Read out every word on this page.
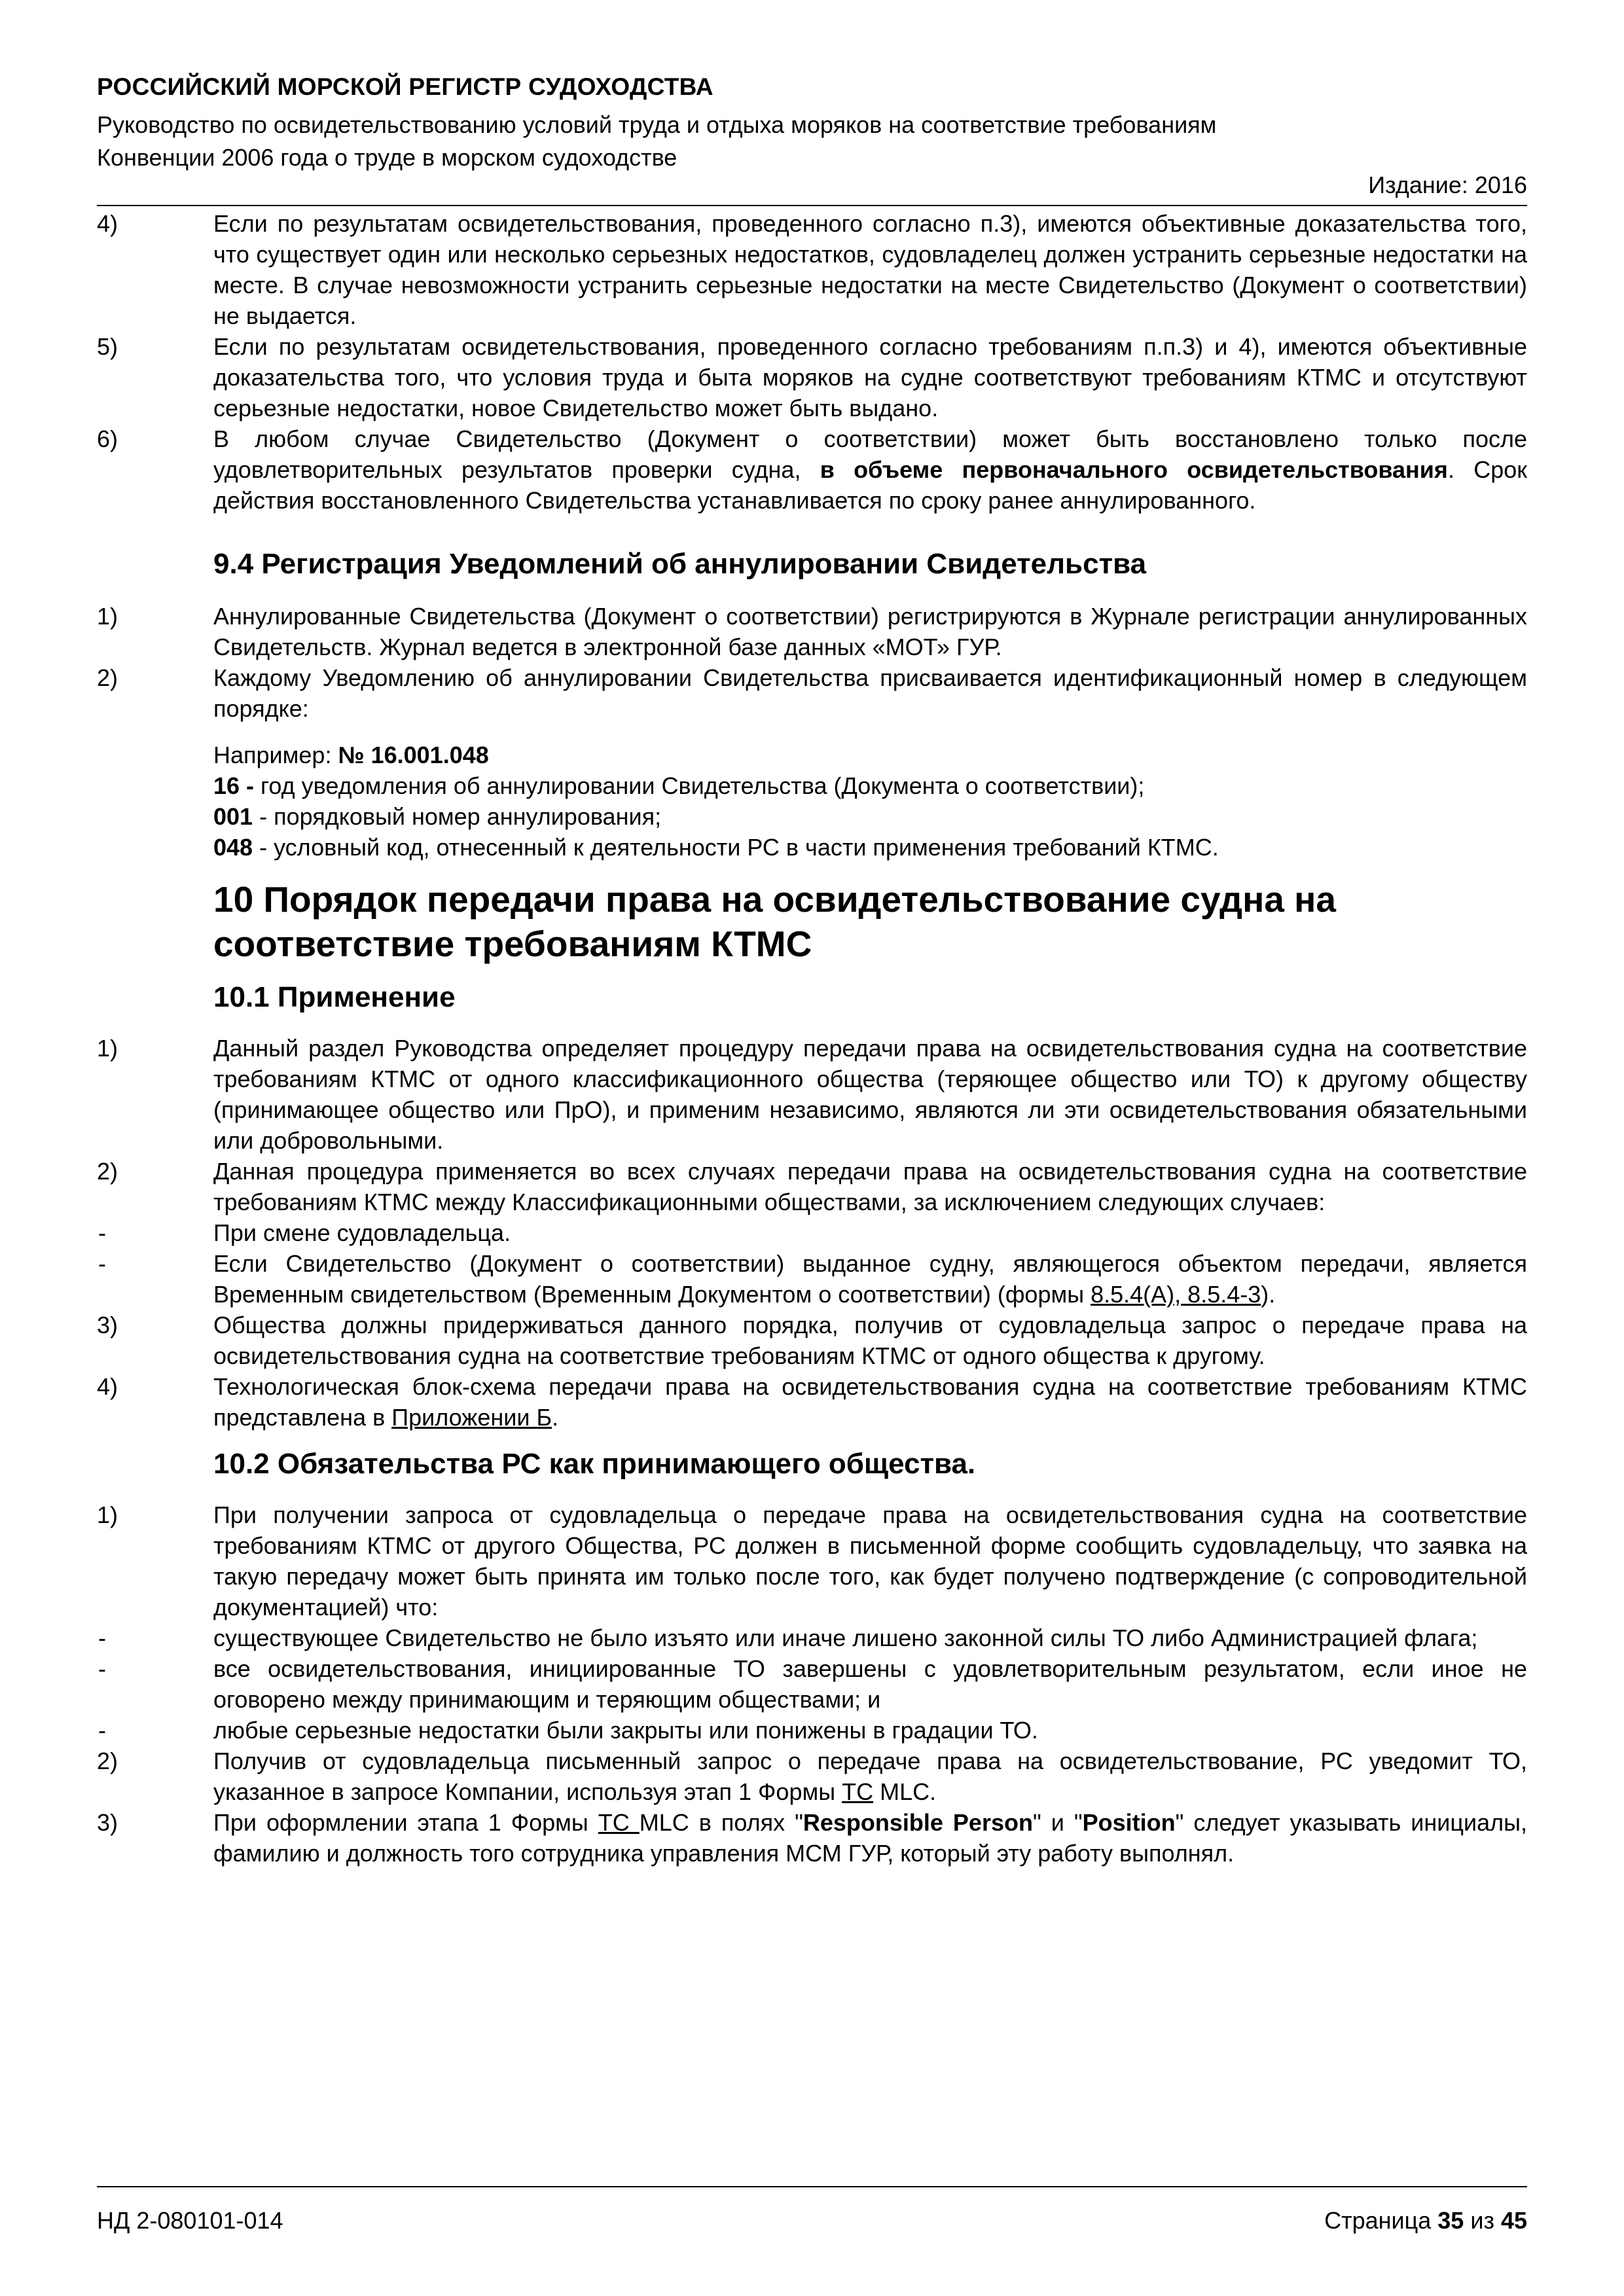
РОССИЙСКИЙ МОРСКОЙ РЕГИСТР СУДОХОДСТВА
Руководство по освидетельствованию условий труда и отдыха моряков на соответствие требованиям
Конвенции 2006 года о труде в морском судоходстве
Издание: 2016
4)	Если по результатам освидетельствования, проведенного согласно п.3), имеются объективные доказательства того, что существует один или несколько серьезных недостатков, судовладелец должен устранить серьезные недостатки на месте. В случае невозможности устранить серьезные недостатки на месте Свидетельство (Документ о соответствии) не выдается.
5)	Если по результатам освидетельствования, проведенного согласно требованиям п.п.3) и 4), имеются объективные доказательства того, что условия труда и быта моряков на судне соответствуют требованиям КТМС и отсутствуют серьезные недостатки, новое Свидетельство может быть выдано.
6)	В любом случае Свидетельство (Документ о соответствии) может быть восстановлено только после удовлетворительных результатов проверки судна, в объеме первоначального освидетельствования. Срок действия восстановленного Свидетельства устанавливается по сроку ранее аннулированного.
9.4 Регистрация Уведомлений об аннулировании Свидетельства
1)	Аннулированные Свидетельства (Документ о соответствии) регистрируются в Журнале регистрации аннулированных Свидетельств. Журнал ведется в электронной базе данных «МОТ» ГУР.
2)	Каждому Уведомлению об аннулировании Свидетельства присваивается идентификационный номер в следующем порядке:
Например: № 16.001.048
16 - год уведомления об аннулировании Свидетельства (Документа о соответствии);
001 - порядковый номер аннулирования;
048 - условный код, отнесенный к деятельности РС в части применения требований КТМС.
10 Порядок передачи права на освидетельствование судна на
соответствие требованиям КТМС
10.1 Применение
1)	Данный раздел Руководства определяет процедуру передачи права на освидетельствования судна на соответствие требованиям КТМС от одного классификационного общества (теряющее общество или ТО) к другому обществу (принимающее общество или ПрО), и применим независимо, являются ли эти освидетельствования обязательными или добровольными.
2)	Данная процедура применяется во всех случаях передачи права на освидетельствования судна на соответствие требованиям КТМС между Классификационными обществами, за исключением следующих случаев:
-	При смене судовладельца.
-	Если Свидетельство (Документ о соответствии) выданное судну, являющегося объектом передачи, является Временным свидетельством (Временным Документом о соответствии) (формы 8.5.4(А), 8.5.4-3).
3)	Общества должны придерживаться данного порядка, получив от судовладельца запрос о передаче права на освидетельствования судна на соответствие требованиям КТМС от одного общества к другому.
4)	Технологическая блок-схема передачи права на освидетельствования судна на соответствие требованиям КТМС представлена в Приложении Б.
10.2 Обязательства РС как принимающего общества.
1)	При получении запроса от судовладельца о передаче права на освидетельствования судна на соответствие требованиям КТМС от другого Общества, РС должен в письменной форме сообщить судовладельцу, что заявка на такую передачу может быть принята им только после того, как будет получено подтверждение (с сопроводительной документацией) что:
-	существующее Свидетельство не было изъято или иначе лишено законной силы ТО либо Администрацией флага;
-	все освидетельствования, инициированные ТО завершены с удовлетворительным результатом, если иное не оговорено между принимающим и теряющим обществами; и
-	любые серьезные недостатки были закрыты или понижены в градации ТО.
2)	Получив от судовладельца письменный запрос о передаче права на освидетельствование, РС уведомит ТО, указанное в запросе Компании, используя этап 1 Формы ТС MLC.
3)	При оформлении этапа 1 Формы ТС MLC в полях "Responsible Person" и "Position" следует указывать инициалы, фамилию и должность того сотрудника управления МСМ ГУР, который эту работу выполнял.
НД 2-080101-014	Страница 35 из 45
